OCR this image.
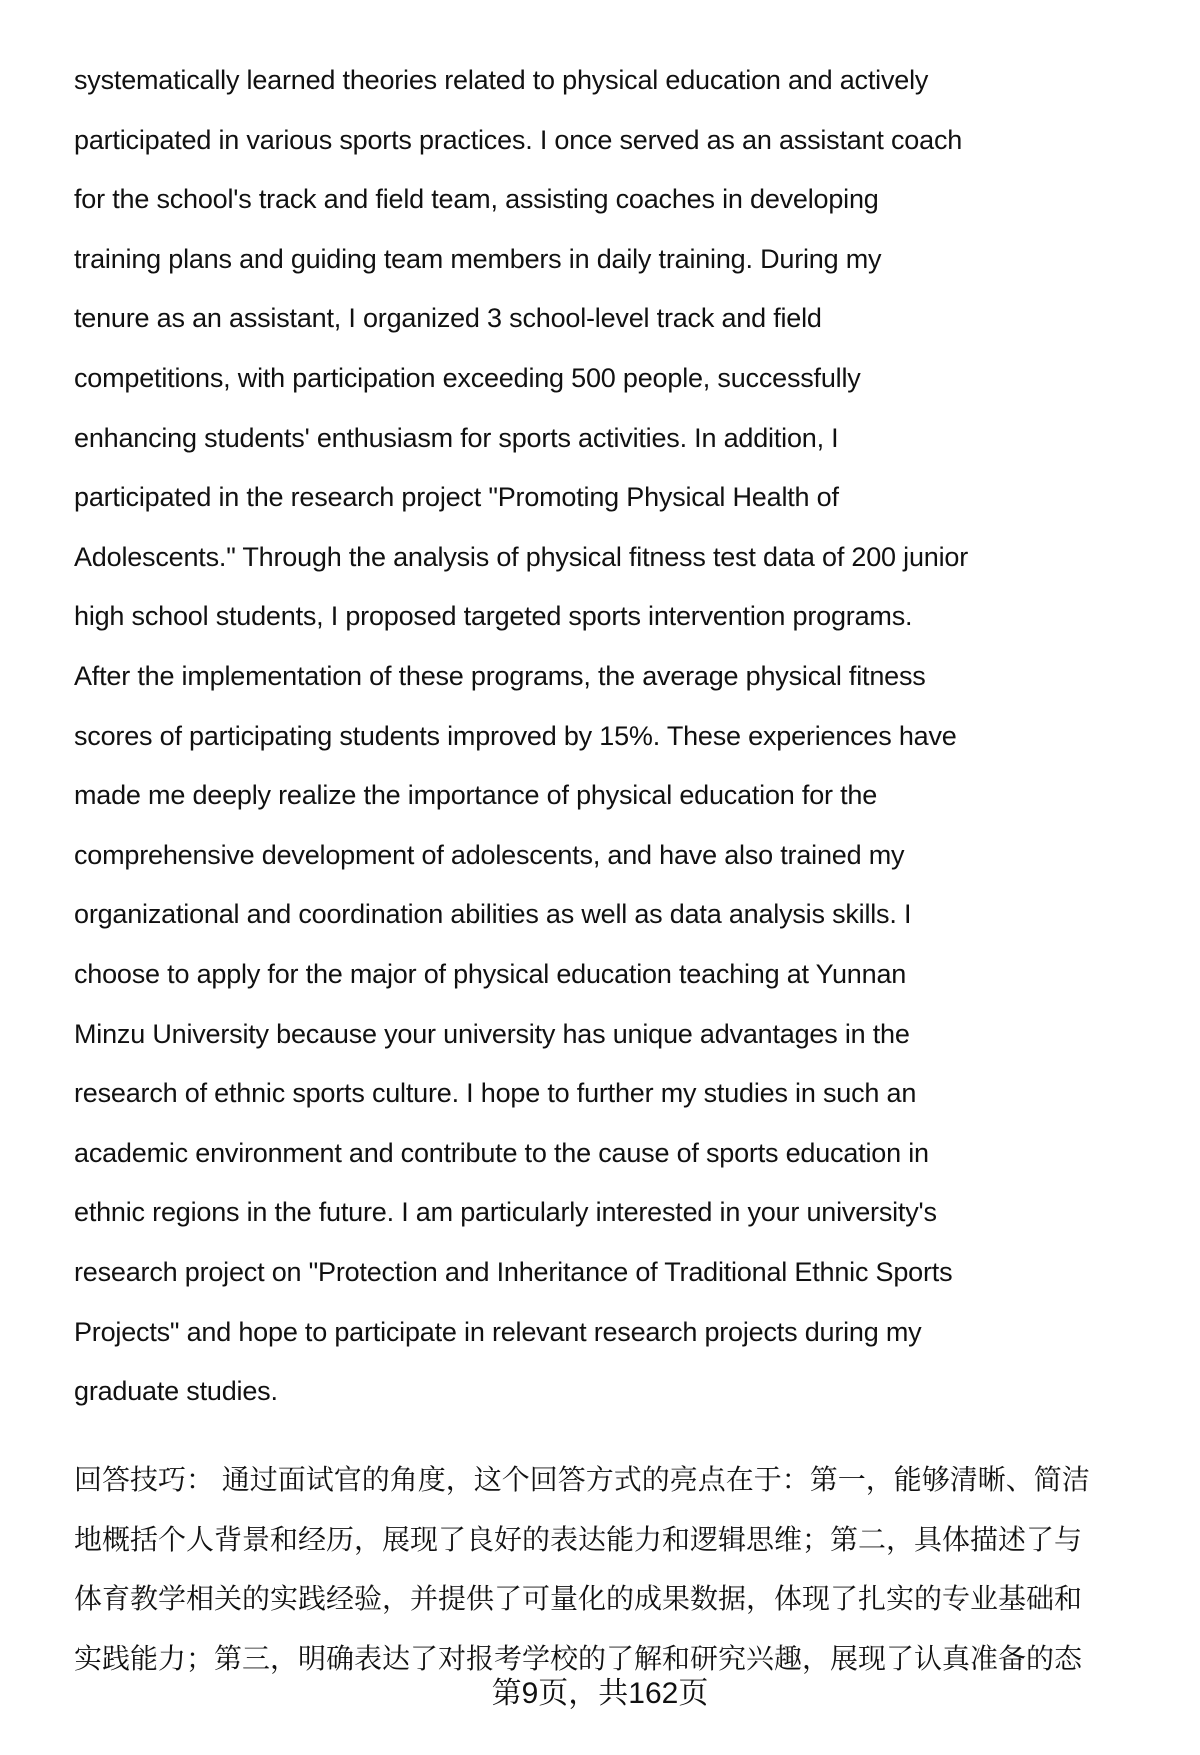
systematically learned theories related to physical education and actively
participated in various sports practices. I once served as an assistant coach
for the school's track and field team, assisting coaches in developing
training plans and guiding team members in daily training. During my
tenure as an assistant, I organized 3 school-level track and field
competitions, with participation exceeding 500 people, successfully
enhancing students' enthusiasm for sports activities. In addition, I
participated in the research project "Promoting Physical Health of
Adolescents." Through the analysis of physical fitness test data of 200 junior
high school students, I proposed targeted sports intervention programs.
After the implementation of these programs, the average physical fitness
scores of participating students improved by 15%. These experiences have
made me deeply realize the importance of physical education for the
comprehensive development of adolescents, and have also trained my
organizational and coordination abilities as well as data analysis skills. I
choose to apply for the major of physical education teaching at Yunnan
Minzu University because your university has unique advantages in the
research of ethnic sports culture. I hope to further my studies in such an
academic environment and contribute to the cause of sports education in
ethnic regions in the future. I am particularly interested in your university's
research project on "Protection and Inheritance of Traditional Ethnic Sports
Projects" and hope to participate in relevant research projects during my
graduate studies.
回答技巧： 通过面试官的角度，这个回答方式的亮点在于：第一，能够清晰、简洁
地概括个人背景和经历，展现了良好的表达能力和逻辑思维；第二，具体描述了与
体育教学相关的实践经验，并提供了可量化的成果数据，体现了扎实的专业基础和
实践能力；第三，明确表达了对报考学校的了解和研究兴趣，展现了认真准备的态
第9页，共162页
